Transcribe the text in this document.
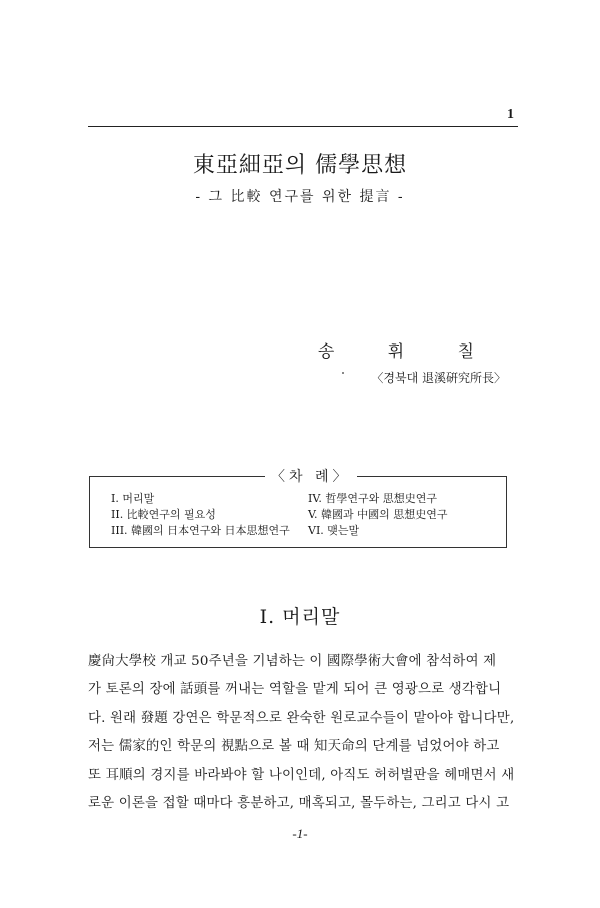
1
東亞細亞의 儒學思想
- 그 比較 연구를 위한 提言 -
송 휘 칠
〈경북대 退溪硏究所長〉
〈차 례〉
I. 머리말
II. 比較연구의 필요성
III. 韓國의 日本연구와 日本思想연구
IV. 哲學연구와 思想史연구
V. 韓國과 中國의 思想史연구
VI. 맺는말
I. 머리말
慶尙大學校 개교 50주년을 기념하는 이 國際學術大會에 참석하여 제
가 토론의 장에 話頭를 꺼내는 역할을 맡게 되어 큰 영광으로 생각합니
다. 원래 發題 강연은 학문적으로 완숙한 원로교수들이 맡아야 합니다만,
저는 儒家的인 학문의 視點으로 볼 때 知天命의 단계를 넘었어야 하고
또 耳順의 경지를 바라봐야 할 나이인데, 아직도 허허벌판을 헤매면서 새
로운 이론을 접할 때마다 흥분하고, 매혹되고, 몰두하는, 그리고 다시 고
-1-
